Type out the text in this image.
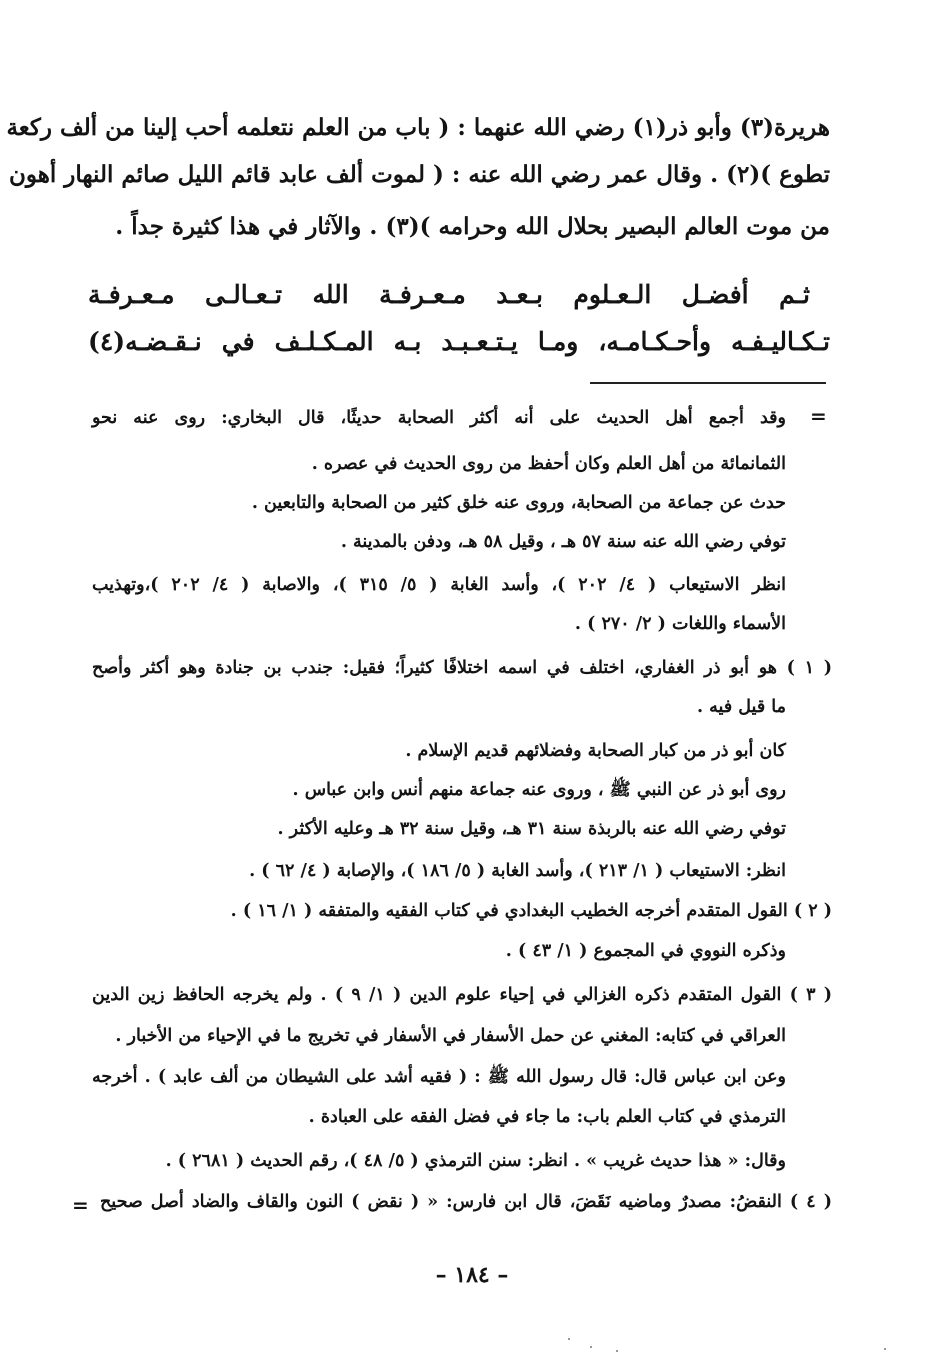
هريرة(٣) وأبو ذر(١) رضي الله عنهما : ( باب من العلم نتعلمه أحب إلينا من ألف ركعة
تطوع )(٢) . وقال عمر رضي الله عنه : ( لموت ألف عابد قائم الليل صائم النهار أهون
من موت العالم البصير بحلال الله وحرامه )(٣) . والآثار في هذا كثيرة جداً .
ثـم أفضـل الـعـلوم بـعـد مـعـرفـة الله تـعـالـى مـعـرفـة
تـكـاليـفـه وأحـكـامـه، ومـا يـتـعـبـد بـه المـكـلـف في نـقـضـه(٤)
=
وقد أجمع أهل الحديث على أنه أكثر الصحابة حديثًا، قال البخاري: روى عنه نحو
الثمانمائة من أهل العلم وكان أحفظ من روى الحديث في عصره .
حدث عن جماعة من الصحابة، وروى عنه خلق كثير من الصحابة والتابعين .
توفي رضي الله عنه سنة ٥٧ هـ ، وقيل ٥٨ هـ، ودفن بالمدينة .
انظر الاستيعاب ( ٤/ ٢٠٢ )، وأسد الغابة ( ٥/ ٣١٥ )، والاصابة ( ٤/ ٢٠٢ )،وتهذيب
الأسماء واللغات ( ٢/ ٢٧٠ ) .
( ١ ) هو أبو ذر الغفاري، اختلف في اسمه اختلافًا كثيراً؛ فقيل: جندب بن جنادة وهو أكثر وأصح
ما قيل فيه .
كان أبو ذر من كبار الصحابة وفضلائهم قديم الإسلام .
روى أبو ذر عن النبي ﷺ ، وروى عنه جماعة منهم أنس وابن عباس .
توفي رضي الله عنه بالربذة سنة ٣١ هـ، وقيل سنة ٣٢ هـ وعليه الأكثر .
انظر: الاستيعاب ( ١/ ٢١٣ )، وأسد الغابة ( ٥/ ١٨٦ )، والإصابة ( ٤/ ٦٢ ) .
( ٢ ) القول المتقدم أخرجه الخطيب البغدادي في كتاب الفقيه والمتفقه ( ١/ ١٦ ) .
وذكره النووي في المجموع ( ١/ ٤٣ ) .
( ٣ ) القول المتقدم ذكره الغزالي في إحياء علوم الدين ( ١/ ٩ ) . ولم يخرجه الحافظ زين الدين
العراقي في كتابه: المغني عن حمل الأسفار في الأسفار في تخريج ما في الإحياء من الأخبار .
وعن ابن عباس قال: قال رسول الله ﷺ : ( فقيه أشد على الشيطان من ألف عابد ) . أخرجه
الترمذي في كتاب العلم باب: ما جاء في فضل الفقه على العبادة .
وقال: « هذا حديث غريب » . انظر: سنن الترمذي ( ٥/ ٤٨ )، رقم الحديث ( ٢٦٨١ ) .
( ٤ ) النقضُ: مصدرٌ وماضيه نَقَضَ، قال ابن فارس: « ( نقض ) النون والقاف والضاد أصل صحيح
=
– ١٨٤ –
